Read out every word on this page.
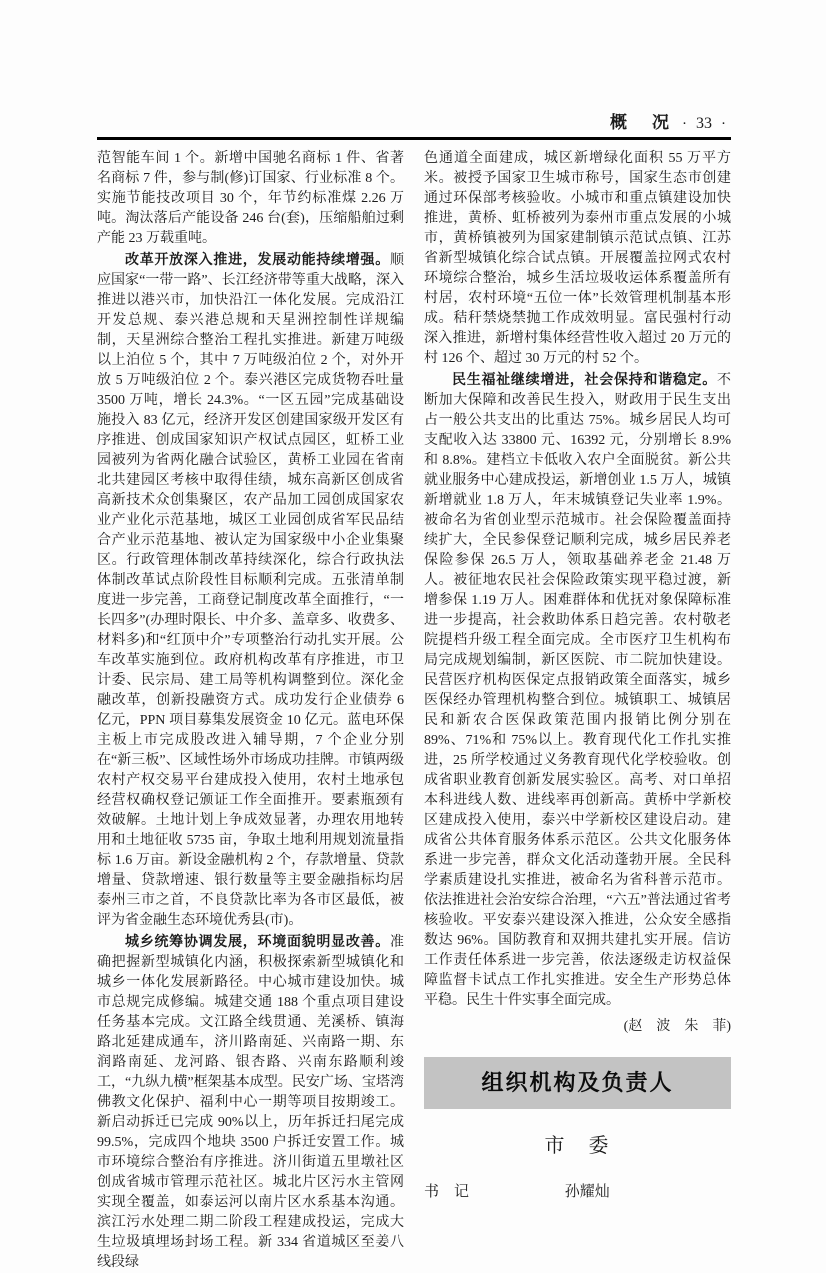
概　况 · 33 ·

范智能车间 1 个。新增中国驰名商标 1 件、省著名商标 7 件，参与制(修)订国家、行业标准 8 个。实施节能技改项目 30 个，年节约标准煤 2.26 万吨。淘汰落后产能设备 246 台(套)，压缩船舶过剩产能 23 万载重吨。

改革开放深入推进，发展动能持续增强。顺应国家“一带一路”、长江经济带等重大战略，深入推进以港兴市，加快沿江一体化发展。完成沿江开发总规、泰兴港总规和天星洲控制性详规编制，天星洲综合整治工程扎实推进。新建万吨级以上泊位 5 个，其中 7 万吨级泊位 2 个，对外开放 5 万吨级泊位 2 个。泰兴港区完成货物吞吐量 3500 万吨，增长 24.3%。“一区五园”完成基础设施投入 83 亿元，经济开发区创建国家级开发区有序推进、创成国家知识产权试点园区，虹桥工业园被列为省两化融合试验区，黄桥工业园在省南北共建园区考核中取得佳绩，城东高新区创成省高新技术众创集聚区，农产品加工园创成国家农业产业化示范基地，城区工业园创成省军民品结合产业示范基地、被认定为国家级中小企业集聚区。行政管理体制改革持续深化，综合行政执法体制改革试点阶段性目标顺利完成。五张清单制度进一步完善，工商登记制度改革全面推行，“一长四多”(办理时限长、中介多、盖章多、收费多、材料多)和“红顶中介”专项整治行动扎实开展。公车改革实施到位。政府机构改革有序推进，市卫计委、民宗局、建工局等机构调整到位。深化金融改革，创新投融资方式。成功发行企业债券 6 亿元，PPN 项目募集发展资金 10 亿元。蓝电环保主板上市完成股改进入辅导期，7 个企业分别在“新三板”、区域性场外市场成功挂牌。市镇两级农村产权交易平台建成投入使用，农村土地承包经营权确权登记颁证工作全面推开。要素瓶颈有效破解。土地计划上争成效显著，办理农用地转用和土地征收 5735 亩，争取土地利用规划流量指标 1.6 万亩。新设金融机构 2 个，存款增量、贷款增量、贷款增速、银行数量等主要金融指标均居泰州三市之首，不良贷款比率为各市区最低，被评为省金融生态环境优秀县(市)。

城乡统筹协调发展，环境面貌明显改善。准确把握新型城镇化内涵，积极探索新型城镇化和城乡一体化发展新路径。中心城市建设加快。城市总规完成修编。城建交通 188 个重点项目建设任务基本完成。文江路全线贯通、羌溪桥、镇海路北延建成通车，济川路南延、兴南路一期、东润路南延、龙河路、银杏路、兴南东路顺利竣工，“九纵九横”框架基本成型。民安广场、宝塔湾佛教文化保护、福利中心一期等项目按期竣工。新启动拆迁已完成 90%以上，历年拆迁扫尾完成 99.5%，完成四个地块 3500 户拆迁安置工作。城市环境综合整治有序推进。济川街道五里墩社区创成省城市管理示范社区。城北片区污水主管网实现全覆盖，如泰运河以南片区水系基本沟通。滨江污水处理二期二阶段工程建成投运，完成大生垃圾填埋场封场工程。新 334 省道城区至姜八线段绿

色通道全面建成，城区新增绿化面积 55 万平方米。被授予国家卫生城市称号，国家生态市创建通过环保部考核验收。小城市和重点镇建设加快推进，黄桥、虹桥被列为泰州市重点发展的小城市，黄桥镇被列为国家建制镇示范试点镇、江苏省新型城镇化综合试点镇。开展覆盖拉网式农村环境综合整治，城乡生活垃圾收运体系覆盖所有村居，农村环境“五位一体”长效管理机制基本形成。秸秆禁烧禁抛工作成效明显。富民强村行动深入推进，新增村集体经营性收入超过 20 万元的村 126 个、超过 30 万元的村 52 个。

民生福祉继续增进，社会保持和谐稳定。不断加大保障和改善民生投入，财政用于民生支出占一般公共支出的比重达 75%。城乡居民人均可支配收入达 33800 元、16392 元，分别增长 8.9%和 8.8%。建档立卡低收入农户全面脱贫。新公共就业服务中心建成投运，新增创业 1.5 万人，城镇新增就业 1.8 万人，年末城镇登记失业率 1.9%。被命名为省创业型示范城市。社会保险覆盖面持续扩大，全民参保登记顺利完成，城乡居民养老保险参保 26.5 万人，领取基础养老金 21.48 万人。被征地农民社会保险政策实现平稳过渡，新增参保 1.19 万人。困难群体和优抚对象保障标准进一步提高，社会救助体系日趋完善。农村敬老院提档升级工程全面完成。全市医疗卫生机构布局完成规划编制，新区医院、市二院加快建设。民营医疗机构医保定点报销政策全面落实，城乡医保经办管理机构整合到位。城镇职工、城镇居民和新农合医保政策范围内报销比例分别在 89%、71%和 75%以上。教育现代化工作扎实推进，25 所学校通过义务教育现代化学校验收。创成省职业教育创新发展实验区。高考、对口单招本科进线人数、进线率再创新高。黄桥中学新校区建成投入使用，泰兴中学新校区建设启动。建成省公共体育服务体系示范区。公共文化服务体系进一步完善，群众文化活动蓬勃开展。全民科学素质建设扎实推进，被命名为省科普示范市。依法推进社会治安综合治理，“六五”普法通过省考核验收。平安泰兴建设深入推进，公众安全感指数达 96%。国防教育和双拥共建扎实开展。信访工作责任体系进一步完善，依法逐级走访权益保障监督卡试点工作扎实推进。安全生产形势总体平稳。民生十件实事全面完成。

(赵　波　朱　菲)
组织机构及负责人
市　委
书　记	孙耀灿
